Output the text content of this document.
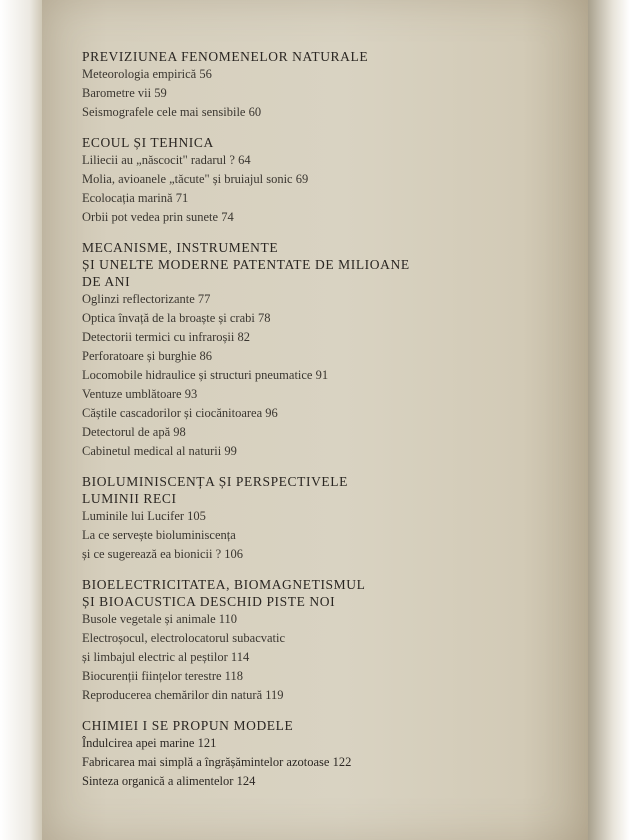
PREVIZIUNEA FENOMENELOR NATURALE
Meteorologia empirică 56
Barometre vii 59
Seismografele cele mai sensibile 60
ECOUL ȘI TEHNICA
Liliecii au „născocit" radarul ? 64
Molia, avioanele „tăcute" și bruiajul sonic 69
Ecolocația marină 71
Orbii pot vedea prin sunete 74
MECANISME, INSTRUMENTE
ȘI UNELTE MODERNE PATENTATE DE MILIOANE
DE ANI
Oglinzi reflectorizante 77
Optica învață de la broaște și crabi 78
Detectorii termici cu infraroșii 82
Perforatoare și burghie 86
Locomobile hidraulice și structuri pneumatice 91
Ventuze umblătoare 93
Căștile cascadorilor și ciocănitoarea 96
Detectorul de apă 98
Cabinetul medical al naturii 99
BIOLUMINISCENȚA ȘI PERSPECTIVELE
LUMINII RECI
Luminile lui Lucifer 105
La ce servește bioluminiscența
și ce sugerează ea bionicii ? 106
BIOELECTRICITATEA, BIOMAGNETISMUL
ȘI BIOACUSTICA DESCHID PISTE NOI
Busole vegetale și animale 110
Electroșocul, electrolocatorul subacvatic
și limbajul electric al peștilor 114
Biocurenții ființelor terestre 118
Reproducerea chemărilor din natură 119
CHIMIEI I SE PROPUN MODELE
Îndulcirea apei marine 121
Fabricarea mai simplă a îngrășămintelor azotoase 122
Sinteza organică a alimentelor 124
